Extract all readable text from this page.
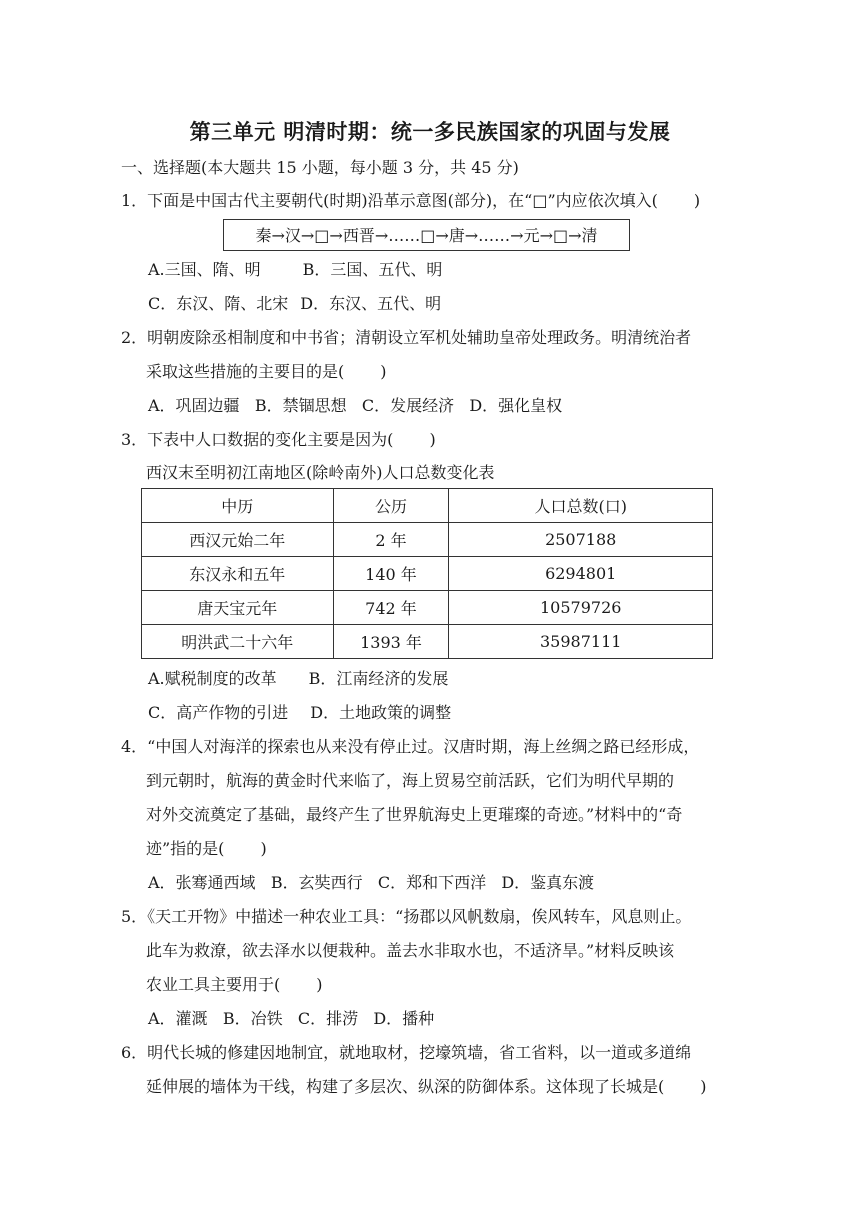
第三单元 明清时期：统一多民族国家的巩固与发展
一、选择题(本大题共 15 小题，每小题 3 分，共 45 分)
1．下面是中国古代主要朝代(时期)沿革示意图(部分)，在“□”内应依次填入( )
秦→汉→□→西晋→……□→唐→……→元→□→清
A.三国、隋、明	B．三国、五代、明
C．东汉、隋、北宋 D．东汉、五代、明
2．明朝废除丞相制度和中书省；清朝设立军机处辅助皇帝处理政务。明清统治者
采取这些措施的主要目的是( )
A．巩固边疆   B．禁锢思想   C．发展经济   D．强化皇权
3．下表中人口数据的变化主要是因为( )
西汉末至明初江南地区(除岭南外)人口总数变化表
中历	公历	人口总数(口)
西汉元始二年	2 年	2507188
东汉永和五年	140 年	6294801
唐天宝元年	742 年	10579726
明洪武二十六年	1393 年	35987111
A.赋税制度的改革 B．江南经济的发展
C．高产作物的引进 D．土地政策的调整
4．“中国人对海洋的探索也从来没有停止过。汉唐时期，海上丝绸之路已经形成，
到元朝时，航海的黄金时代来临了，海上贸易空前活跃，它们为明代早期的
对外交流奠定了基础，最终产生了世界航海史上更璀璨的奇迹。”材料中的“奇
迹”指的是( )
A．张骞通西域   B．玄奘西行   C．郑和下西洋   D．鉴真东渡
5．《天工开物》中描述一种农业工具：“扬郡以风帆数扇，俟风转车，风息则止。
此车为救潦，欲去泽水以便栽种。盖去水非取水也，不适济旱。”材料反映该
农业工具主要用于( )
A．灌溉   B．冶铁   C．排涝   D．播种
6．明代长城的修建因地制宜，就地取材，挖壕筑墙，省工省料，以一道或多道绵
延伸展的墙体为干线，构建了多层次、纵深的防御体系。这体现了长城是( )
